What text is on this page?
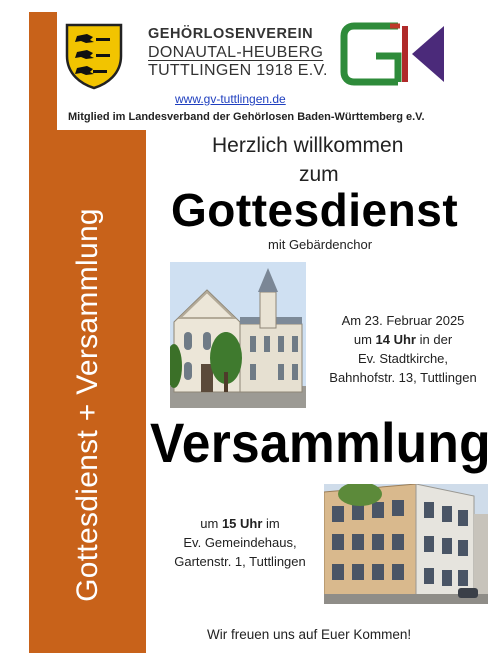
Gottesdienst + Versammlung
GEHÖRLOSENVEREIN
DONAUTAL-HEUBERG
TUTTLINGEN 1918 E.V.
www.gv-tuttlingen.de
Mitglied im Landesverband der Gehörlosen Baden-Württemberg e.V.
Herzlich willkommen
zum
Gottesdienst
mit Gebärdenchor
Am 23. Februar 2025
um 14 Uhr in der
Ev. Stadtkirche,
Bahnhofstr. 13, Tuttlingen
Versammlung
um 15 Uhr im
Ev. Gemeindehaus,
Gartenstr. 1, Tuttlingen
Wir freuen uns auf Euer Kommen!
